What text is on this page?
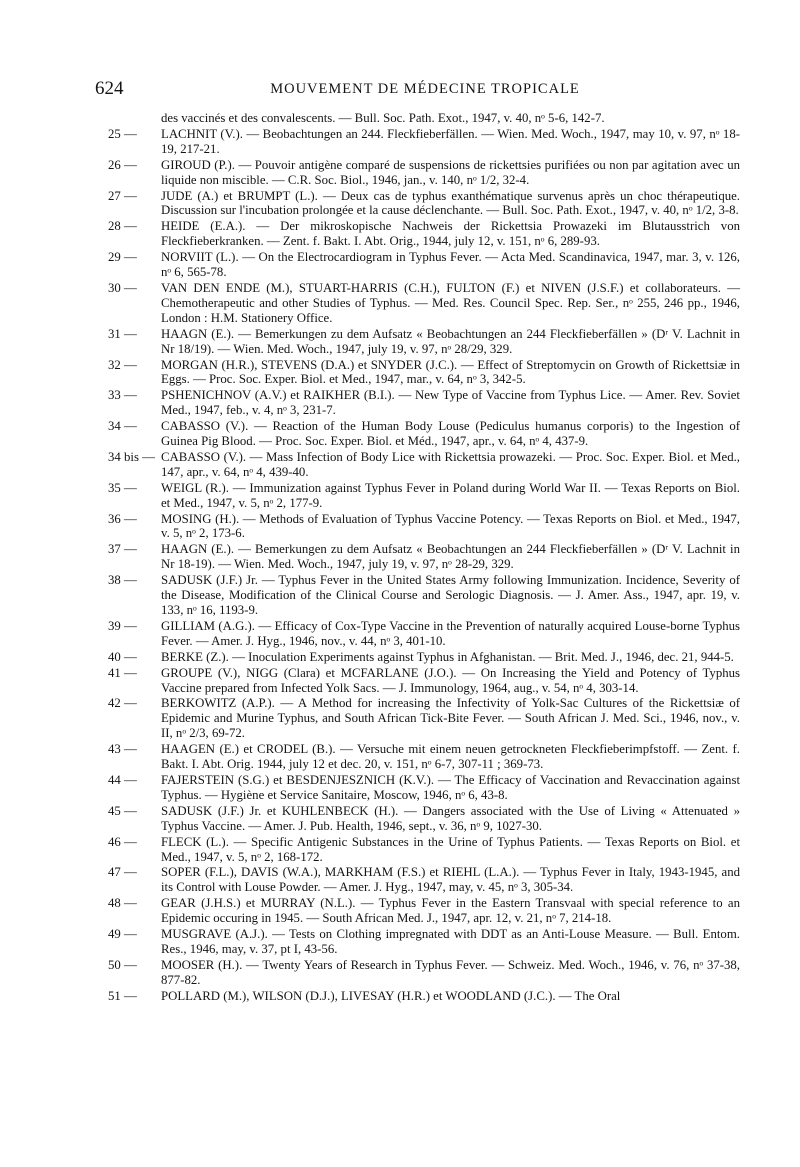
624	MOUVEMENT DE MÉDECINE TROPICALE
des vaccinés et des convalescents. — Bull. Soc. Path. Exot., 1947, v. 40, nᵒ 5-6, 142-7.
25 — LACHNIT (V.). — Beobachtungen an 244. Fleckfieberfällen. — Wien. Med. Woch., 1947, may 10, v. 97, nᵒ 18-19, 217-21.
26 — GIROUD (P.). — Pouvoir antigène comparé de suspensions de rickettsies purifiées ou non par agitation avec un liquide non miscible. — C.R. Soc. Biol., 1946, jan., v. 140, nᵒ 1/2, 32-4.
27 — JUDE (A.) et BRUMPT (L.). — Deux cas de typhus exanthématique survenus après un choc thérapeutique. Discussion sur l'incubation prolongée et la cause déclenchante. — Bull. Soc. Path. Exot., 1947, v. 40, nᵒ 1/2, 3-8.
28 — HEIDE (E.A.). — Der mikroskopische Nachweis der Rickettsia Prowazeki im Blutausstrich von Fleckfieberkranken. — Zent. f. Bakt. I. Abt. Orig., 1944, july 12, v. 151, nᵒ 6, 289-93.
29 — NORVIIT (L.). — On the Electrocardiogram in Typhus Fever. — Acta Med. Scandinavica, 1947, mar. 3, v. 126, nᵒ 6, 565-78.
30 — VAN DEN ENDE (M.), STUART-HARRIS (C.H.), FULTON (F.) et NIVEN (J.S.F.) et collaborateurs. — Chemotherapeutic and other Studies of Typhus. — Med. Res. Council Spec. Rep. Ser., nᵒ 255, 246 pp., 1946, London : H.M. Stationery Office.
31 — HAAGN (E.). — Bemerkungen zu dem Aufsatz « Beobachtungen an 244 Fleckfieberfällen » (Dʳ V. Lachnit in Nr 18/19). — Wien. Med. Woch., 1947, july 19, v. 97, nᵒ 28/29, 329.
32 — MORGAN (H.R.), STEVENS (D.A.) et SNYDER (J.C.). — Effect of Streptomycin on Growth of Rickettsiæ in Eggs. — Proc. Soc. Exper. Biol. et Med., 1947, mar., v. 64, nᵒ 3, 342-5.
33 — PSHENICHNOV (A.V.) et RAIKHER (B.I.). — New Type of Vaccine from Typhus Lice. — Amer. Rev. Soviet Med., 1947, feb., v. 4, nᵒ 3, 231-7.
34 — CABASSO (V.). — Reaction of the Human Body Louse (Pediculus humanus corporis) to the Ingestion of Guinea Pig Blood. — Proc. Soc. Exper. Biol. et Méd., 1947, apr., v. 64, nᵒ 4, 437-9.
34 bis — CABASSO (V.). — Mass Infection of Body Lice with Rickettsia prowazeki. — Proc. Soc. Exper. Biol. et Med., 147, apr., v. 64, nᵒ 4, 439-40.
35 — WEIGL (R.). — Immunization against Typhus Fever in Poland during World War II. — Texas Reports on Biol. et Med., 1947, v. 5, nᵒ 2, 177-9.
36 — MOSING (H.). — Methods of Evaluation of Typhus Vaccine Potency. — Texas Reports on Biol. et Med., 1947, v. 5, nᵒ 2, 173-6.
37 — HAAGN (E.). — Bemerkungen zu dem Aufsatz « Beobachtungen an 244 Fleckfieberfällen » (Dʳ V. Lachnit in Nr 18-19). — Wien. Med. Woch., 1947, july 19, v. 97, nᵒ 28-29, 329.
38 — SADUSK (J.F.) Jr. — Typhus Fever in the United States Army following Immunization. Incidence, Severity of the Disease, Modification of the Clinical Course and Serologic Diagnosis. — J. Amer. Ass., 1947, apr. 19, v. 133, nᵒ 16, 1193-9.
39 — GILLIAM (A.G.). — Efficacy of Cox-Type Vaccine in the Prevention of naturally acquired Louse-borne Typhus Fever. — Amer. J. Hyg., 1946, nov., v. 44, nᵒ 3, 401-10.
40 — BERKE (Z.). — Inoculation Experiments against Typhus in Afghanistan. — Brit. Med. J., 1946, dec. 21, 944-5.
41 — GROUPE (V.), NIGG (Clara) et MCFARLANE (J.O.). — On Increasing the Yield and Potency of Typhus Vaccine prepared from Infected Yolk Sacs. — J. Immunology, 1964, aug., v. 54, nᵒ 4, 303-14.
42 — BERKOWITZ (A.P.). — A Method for increasing the Infectivity of Yolk-Sac Cultures of the Rickettsiæ of Epidemic and Murine Typhus, and South African Tick-Bite Fever. — South African J. Med. Sci., 1946, nov., v. II, nᵒ 2/3, 69-72.
43 — HAAGEN (E.) et CRODEL (B.). — Versuche mit einem neuen getrockneten Fleckfieberimpfstoff. — Zent. f. Bakt. I. Abt. Orig. 1944, july 12 et dec. 20, v. 151, nᵒ 6-7, 307-11 ; 369-73.
44 — FAJERSTEIN (S.G.) et BESDENJESZNICH (K.V.). — The Efficacy of Vaccination and Revaccination against Typhus. — Hygiène et Service Sanitaire, Moscow, 1946, nᵒ 6, 43-8.
45 — SADUSK (J.F.) Jr. et KUHLENBECK (H.). — Dangers associated with the Use of Living « Attenuated » Typhus Vaccine. — Amer. J. Pub. Health, 1946, sept., v. 36, nᵒ 9, 1027-30.
46 — FLECK (L.). — Specific Antigenic Substances in the Urine of Typhus Patients. — Texas Reports on Biol. et Med., 1947, v. 5, nᵒ 2, 168-172.
47 — SOPER (F.L.), DAVIS (W.A.), MARKHAM (F.S.) et RIEHL (L.A.). — Typhus Fever in Italy, 1943-1945, and its Control with Louse Powder. — Amer. J. Hyg., 1947, may, v. 45, nᵒ 3, 305-34.
48 — GEAR (J.H.S.) et MURRAY (N.L.). — Typhus Fever in the Eastern Transvaal with special reference to an Epidemic occuring in 1945. — South African Med. J., 1947, apr. 12, v. 21, nᵒ 7, 214-18.
49 — MUSGRAVE (A.J.). — Tests on Clothing impregnated with DDT as an Anti-Louse Measure. — Bull. Entom. Res., 1946, may, v. 37, pt I, 43-56.
50 — MOOSER (H.). — Twenty Years of Research in Typhus Fever. — Schweiz. Med. Woch., 1946, v. 76, nᵒ 37-38, 877-82.
51 — POLLARD (M.), WILSON (D.J.), LIVESAY (H.R.) et WOODLAND (J.C.). — The Oral
